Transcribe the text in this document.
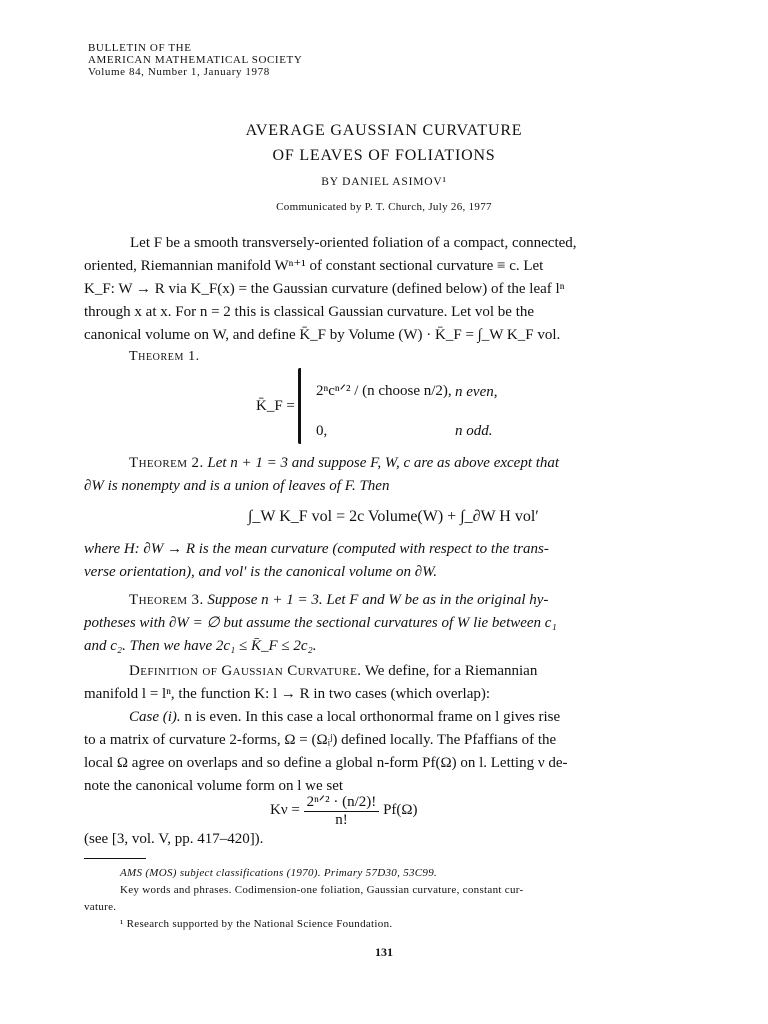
BULLETIN OF THE
AMERICAN MATHEMATICAL SOCIETY
Volume 84, Number 1, January 1978
AVERAGE GAUSSIAN CURVATURE
OF LEAVES OF FOLIATIONS
BY DANIEL ASIMOV¹
Communicated by P. T. Church, July 26, 1977
Let F be a smooth transversely-oriented foliation of a compact, connected,
oriented, Riemannian manifold Wⁿ⁺¹ of constant sectional curvature ≡ c. Let
K_F: W → R via K_F(x) = the Gaussian curvature (defined below) of the leaf lⁿ
through x at x. For n = 2 this is classical Gaussian curvature. Let vol be the
canonical volume on W, and define K̄_F by Volume (W) · K̄_F = ∫_W K_F vol.
Theorem 1.
K̄_F =
2ⁿcⁿᐟ² / (n choose n/2), n even,
0,	n odd.
Theorem 2. Let n + 1 = 3 and suppose F, W, c are as above except that
∂W is nonempty and is a union of leaves of F. Then
∫_W K_F vol = 2c Volume(W) + ∫_∂W H vol′
where H: ∂W → R is the mean curvature (computed with respect to the trans-
verse orientation), and vol′ is the canonical volume on ∂W.
Theorem 3. Suppose n + 1 = 3. Let F and W be as in the original hy-
potheses with ∂W = ∅ but assume the sectional curvatures of W lie between c₁
and c₂. Then we have 2c₁ ≤ K̄_F ≤ 2c₂.
Definition of Gaussian Curvature. We define, for a Riemannian
manifold l = lⁿ, the function K: l → R in two cases (which overlap):
Case (i). n is even. In this case a local orthonormal frame on l gives rise
to a matrix of curvature 2-forms, Ω = (Ωᵢʲ) defined locally. The Pfaffians of the
local Ω agree on overlaps and so define a global n-form Pf(Ω) on l. Letting ν de-
note the canonical volume form on l we set
$K\nu = \frac{\text{2ⁿᐟ² · (n/2)!}}{n!} Pf(\Omega)$
(see [3, vol. V, pp. 417–420]).
AMS (MOS) subject classifications (1970). Primary 57D30, 53C99.
Key words and phrases. Codimension-one foliation, Gaussian curvature, constant cur-
vature.
¹ Research supported by the National Science Foundation.
131
